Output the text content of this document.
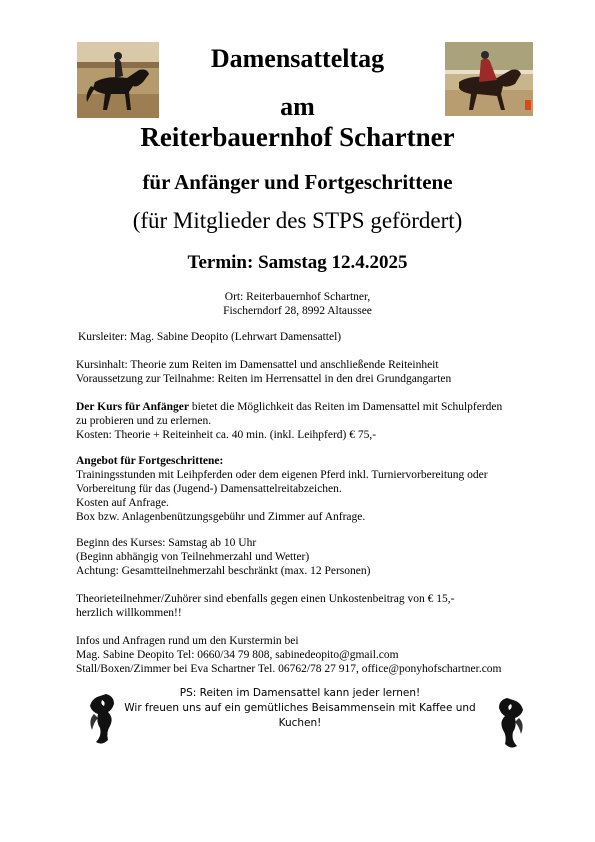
Damensatteltag
am
Reiterbauernhof Schartner
für Anfänger und Fortgeschrittene
(für Mitglieder des STPS gefördert)
Termin: Samstag 12.4.2025
Ort: Reiterbauernhof Schartner,
Fischerndorf 28, 8992 Altaussee
Kursleiter: Mag. Sabine Deopito (Lehrwart Damensattel)
Kursinhalt: Theorie zum Reiten im Damensattel und anschließende Reiteinheit
Voraussetzung zur Teilnahme: Reiten im Herrensattel in den drei Grundgangarten
Der Kurs für Anfänger bietet die Möglichkeit das Reiten im Damensattel mit Schulpferden
zu probieren und zu erlernen.
Kosten: Theorie + Reiteinheit ca. 40 min. (inkl. Leihpferd) € 75,-
Angebot für Fortgeschrittene:
Trainingsstunden mit Leihpferden oder dem eigenen Pferd inkl. Turniervorbereitung oder
Vorbereitung für das (Jugend-) Damensattelreitabzeichen.
Kosten auf Anfrage.
Box bzw. Anlagenbenützungsgebühr und Zimmer auf Anfrage.
Beginn des Kurses: Samstag ab 10 Uhr
(Beginn abhängig von Teilnehmerzahl und Wetter)
Achtung: Gesamtteilnehmerzahl beschränkt (max. 12 Personen)
Theorieteilnehmer/Zuhörer sind ebenfalls gegen einen Unkostenbeitrag von € 15,-
herzlich willkommen!!
Infos und Anfragen rund um den Kurstermin bei
Mag. Sabine Deopito Tel: 0660/34 79 808, sabinedeopito@gmail.com
Stall/Boxen/Zimmer bei Eva Schartner Tel. 06762/78 27 917, office@ponyhofschartner.com
PS: Reiten im Damensattel kann jeder lernen!
Wir freuen uns auf ein gemütliches Beisammensein mit Kaffee und
Kuchen!
